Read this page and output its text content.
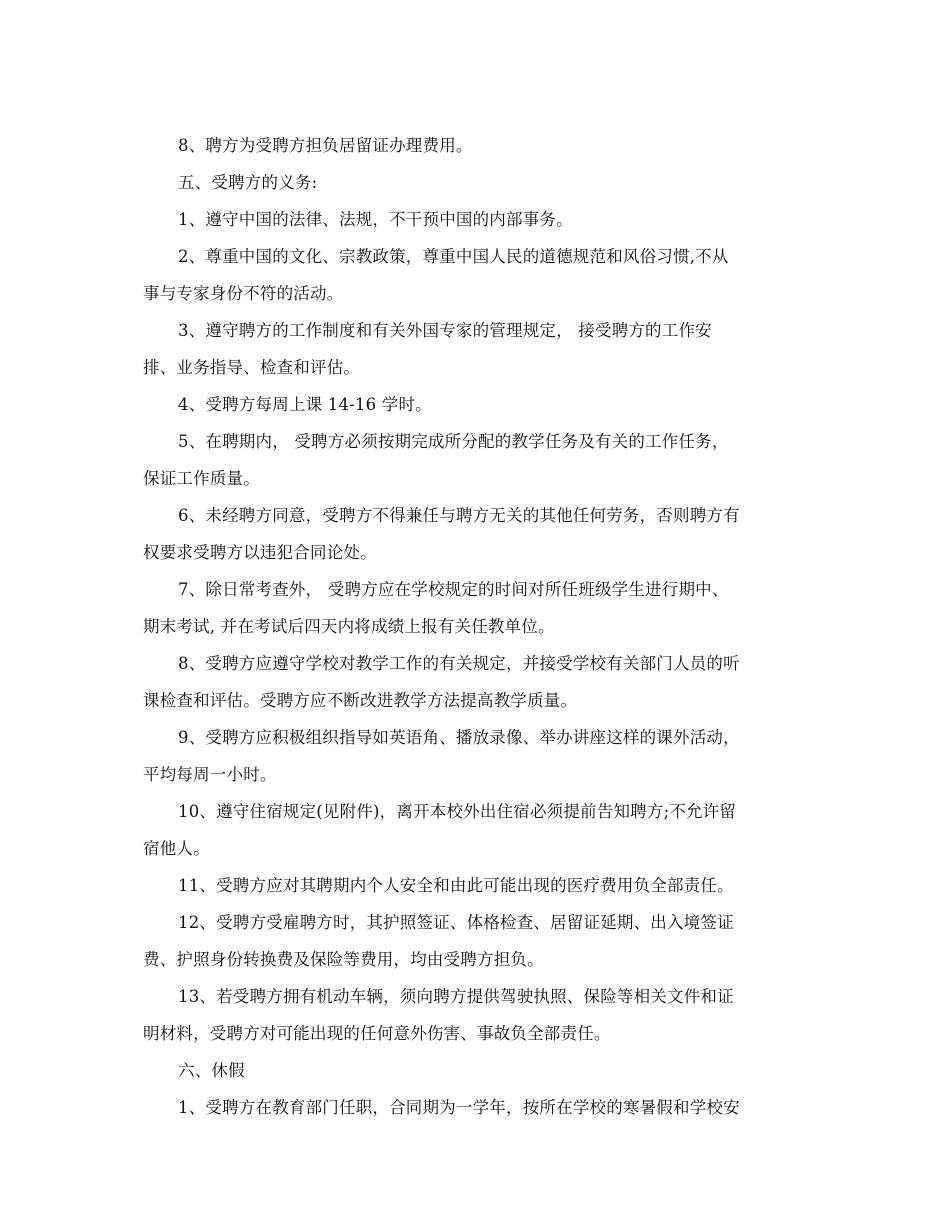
8、聘方为受聘方担负居留证办理费用。
五、受聘方的义务:
1、遵守中国的法律、法规，不干预中国的内部事务。
2、尊重中国的文化、宗教政策，尊重中国人民的道德规范和风俗习惯,不从
事与专家身份不符的活动。
3、遵守聘方的工作制度和有关外国专家的管理规定， 接受聘方的工作安
排、业务指导、检查和评估。
4、受聘方每周上课 14-16 学时。
5、在聘期内， 受聘方必须按期完成所分配的教学任务及有关的工作任务，
保证工作质量。
6、未经聘方同意，受聘方不得兼任与聘方无关的其他任何劳务，否则聘方有
权要求受聘方以违犯合同论处。
7、除日常考查外， 受聘方应在学校规定的时间对所任班级学生进行期中、
期末考试, 并在考试后四天内将成绩上报有关任教单位。
8、受聘方应遵守学校对教学工作的有关规定，并接受学校有关部门人员的听
课检查和评估。受聘方应不断改进教学方法提高教学质量。
9、受聘方应积极组织指导如英语角、播放录像、举办讲座这样的课外活动，
平均每周一小时。
10、遵守住宿规定(见附件)，离开本校外出住宿必须提前告知聘方;不允许留
宿他人。
11、受聘方应对其聘期内个人安全和由此可能出现的医疗费用负全部责任。
12、受聘方受雇聘方时，其护照签证、体格检查、居留证延期、出入境签证
费、护照身份转换费及保险等费用，均由受聘方担负。
13、若受聘方拥有机动车辆，须向聘方提供驾驶执照、保险等相关文件和证
明材料，受聘方对可能出现的任何意外伤害、事故负全部责任。
六、休假
1、受聘方在教育部门任职，合同期为一学年，按所在学校的寒暑假和学校安
